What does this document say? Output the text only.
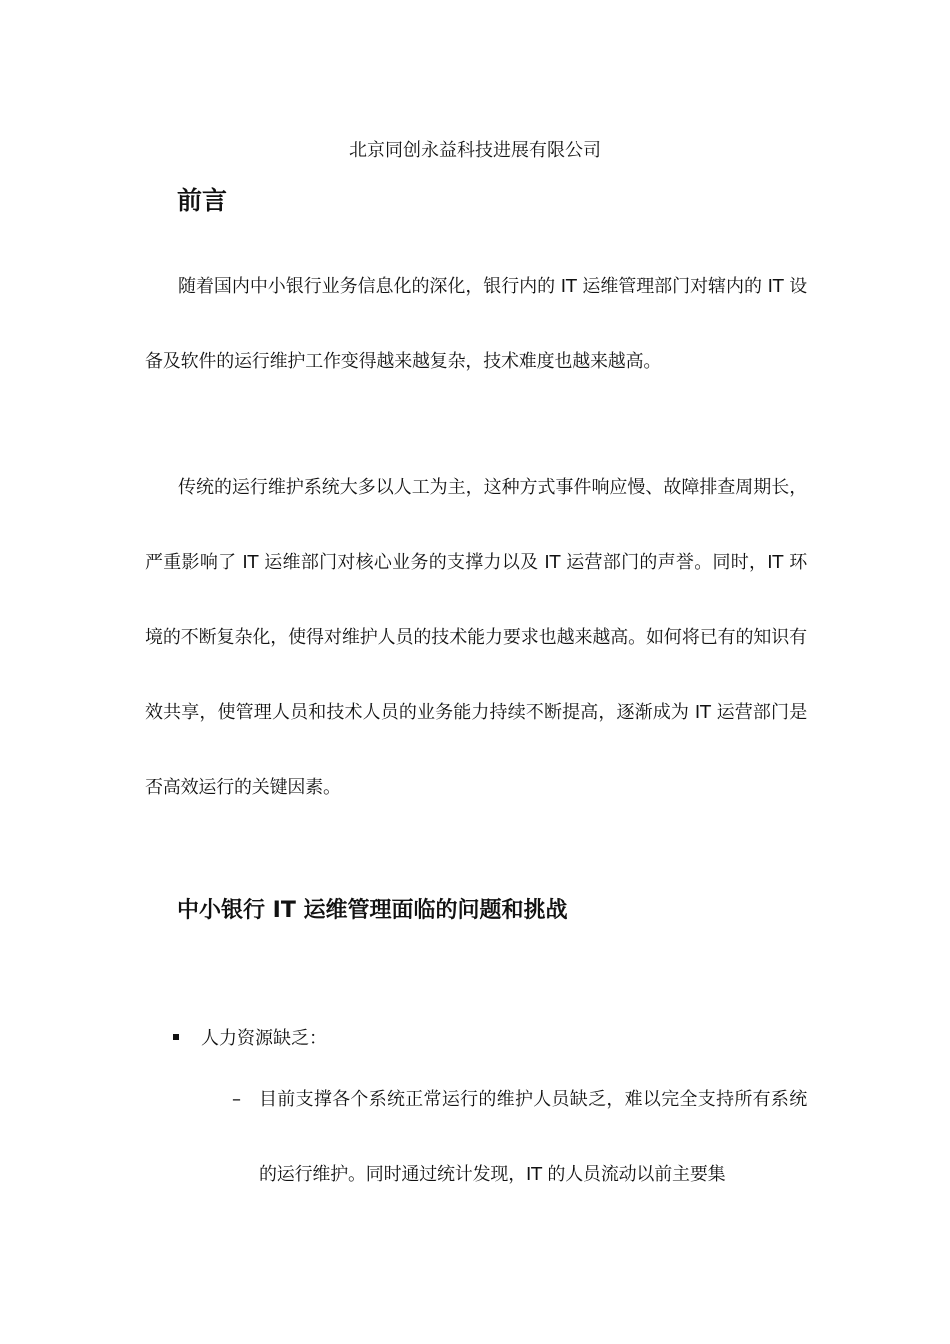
北京同创永益科技进展有限公司
前言

随着国内中小银行业务信息化的深化，银行内的 IT 运维管理部门对辖内的 IT 设备及软件的运行维护工作变得越来越复杂，技术难度也越来越高。

传统的运行维护系统大多以人工为主，这种方式事件响应慢、故障排查周期长，严重影响了 IT 运维部门对核心业务的支撑力以及 IT 运营部门的声誉。同时，IT 环境的不断复杂化，使得对维护人员的技术能力要求也越来越高。如何将已有的知识有效共享，使管理人员和技术人员的业务能力持续不断提高，逐渐成为 IT 运营部门是否高效运行的关键因素。

中小银行 IT 运维管理面临的问题和挑战
人力资源缺乏：
– 目前支撑各个系统正常运行的维护人员缺乏，难以完全支持所有系统的运行维护。同时通过统计发现，IT 的人员流动以前主要集
